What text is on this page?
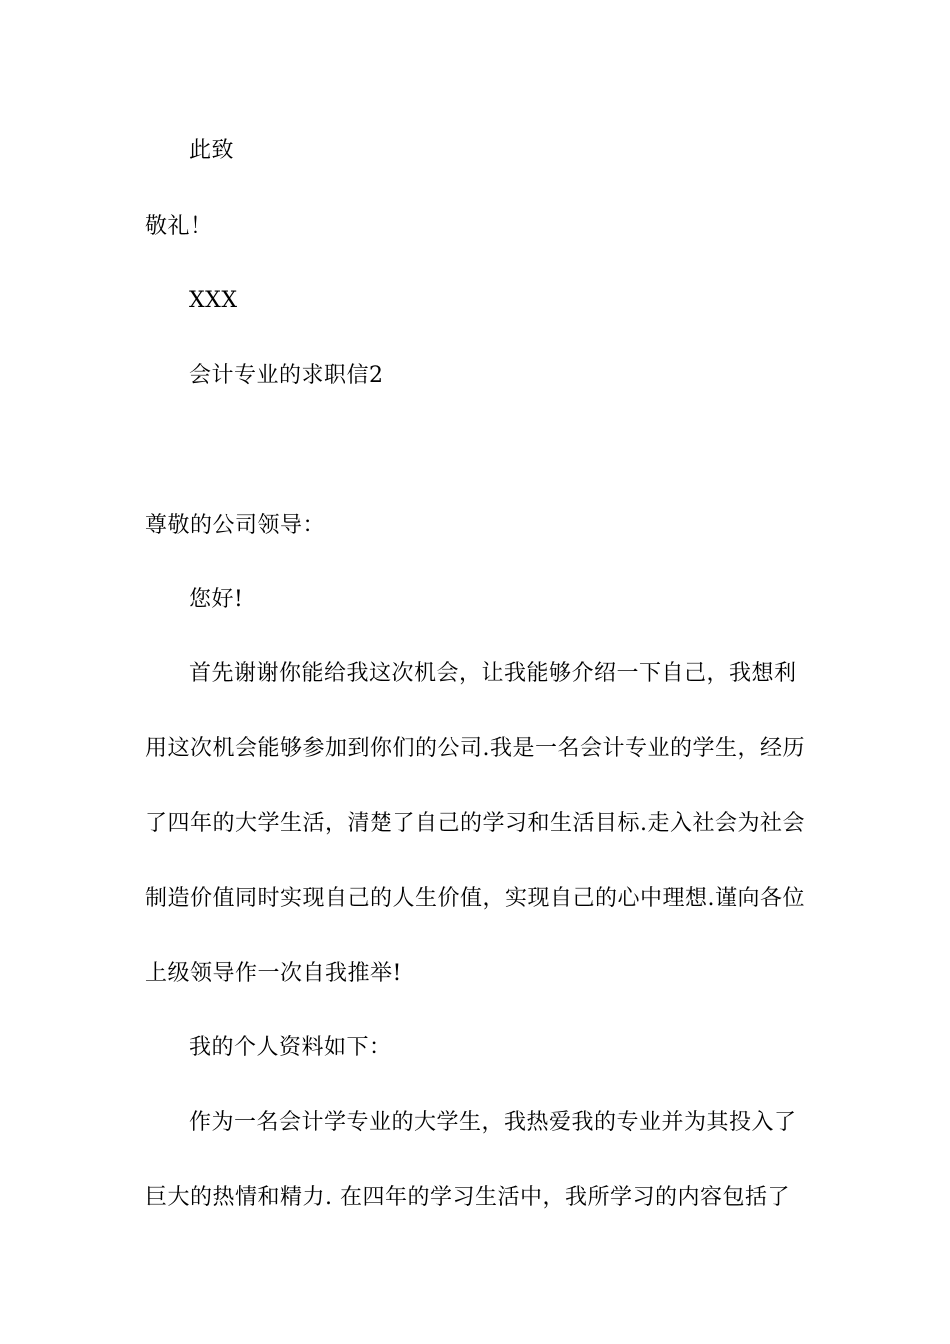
此致
敬礼！
XXX
会计专业的求职信2
尊敬的公司领导：
您好!
首先谢谢你能给我这次机会，让我能够介绍一下自己，我想利
用这次机会能够参加到你们的公司.我是一名会计专业的学生，经历
了四年的大学生活，清楚了自己的学习和生活目标.走入社会为社会
制造价值同时实现自己的人生价值，实现自己的心中理想.谨向各位
上级领导作一次自我推举!
我的个人资料如下：
作为一名会计学专业的大学生，我热爱我的专业并为其投入了
巨大的热情和精力. 在四年的学习生活中，我所学习的内容包括了
